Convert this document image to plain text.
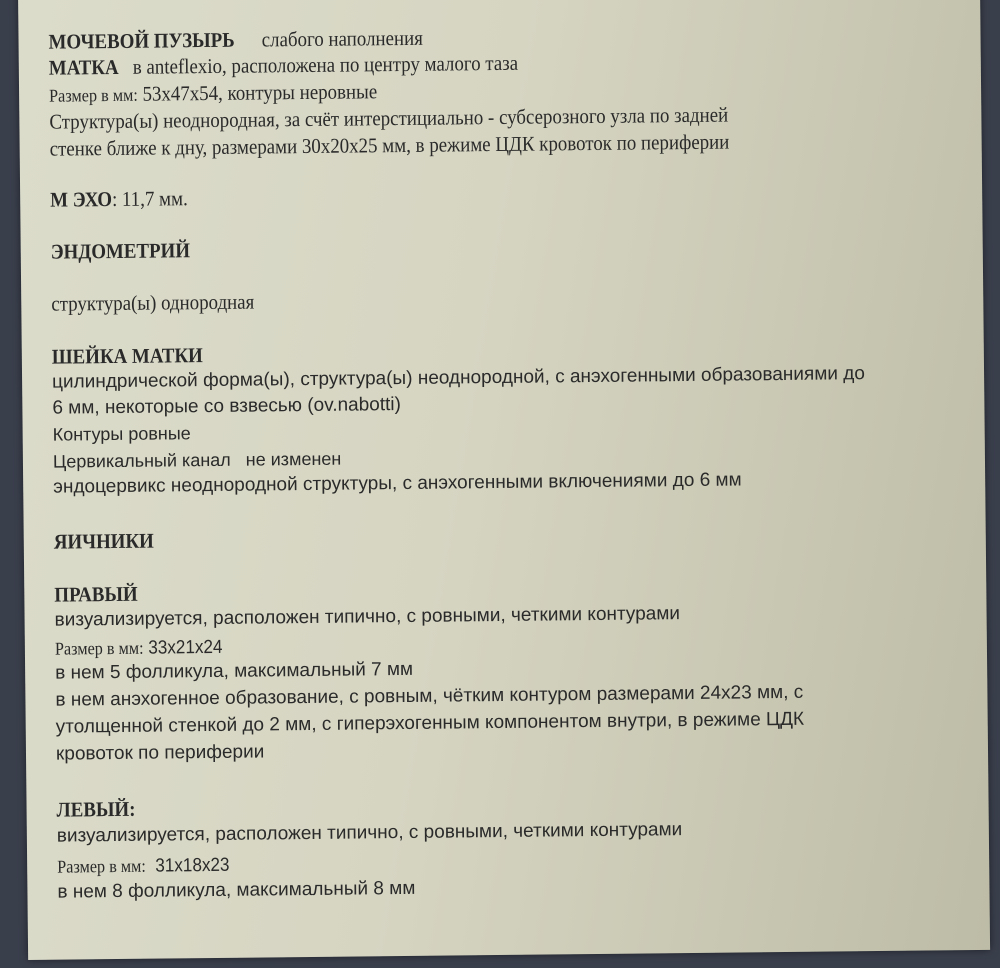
МОЧЕВОЙ ПУЗЫРЬ слабого наполнения
МАТКА в anteflexio, расположена по центру малого таза
Размер в мм: 53х47х54, контуры неровные
Структура(ы) неоднородная, за счёт интерстициально - субсерозного узла по задней
стенке ближе к дну, размерами 30х20х25 мм, в режиме ЦДК кровоток по периферии
М ЭХО: 11,7 мм.
ЭНДОМЕТРИЙ
структура(ы) однородная
ШЕЙКА МАТКИ
цилиндрической форма(ы), структура(ы) неоднородной, с анэхогенными образованиями до
6 мм, некоторые со взвесью (ov.nabotti)
Контуры ровные
Цервикальный канал не изменен
эндоцервикс неоднородной структуры, с анэхогенными включениями до 6 мм
ЯИЧНИКИ
ПРАВЫЙ
визуализируется, расположен типично, с ровными, четкими контурами
Размер в мм: 33х21х24
в нем 5 фолликула, максимальный 7 мм
в нем анэхогенное образование, с ровным, чётким контуром размерами 24х23 мм, с
утолщенной стенкой до 2 мм, с гиперэхогенным компонентом внутри, в режиме ЦДК
кровоток по периферии
ЛЕВЫЙ:
визуализируется, расположен типично, с ровными, четкими контурами
Размер в мм: 31х18х23
в нем 8 фолликула, максимальный 8 мм
